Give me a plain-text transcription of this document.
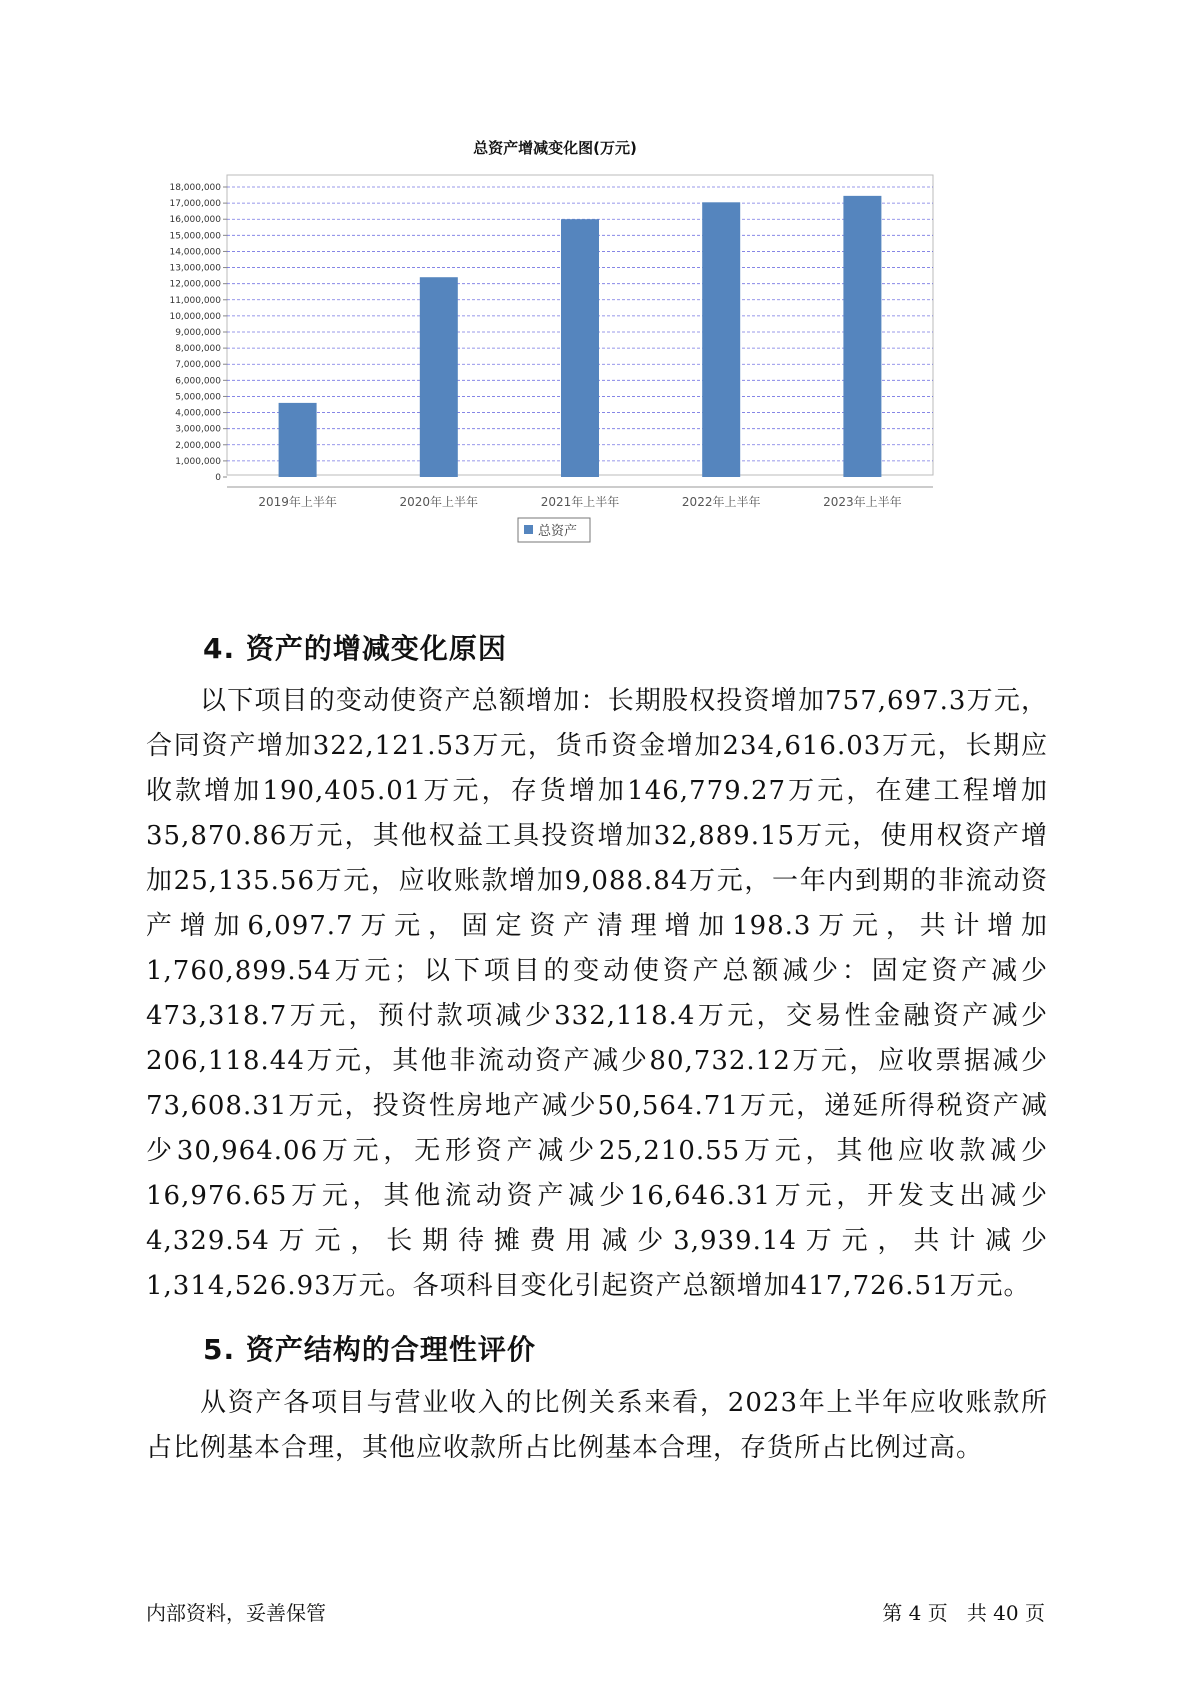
总资产增减变化图(万元)
0
1,000,000
2,000,000
3,000,000
4,000,000
5,000,000
6,000,000
7,000,000
8,000,000
9,000,000
10,000,000
11,000,000
12,000,000
13,000,000
14,000,000
15,000,000
16,000,000
17,000,000
18,000,000
2019年上半年	2020年上半年	2021年上半年	2022年上半年	2023年上半年
总资产
4. 资产的增减变化原因

以下项目的变动使资产总额增加：长期股权投资增加757,697.3万元，合同资产增加322,121.53万元，货币资金增加234,616.03万元，长期应收款增加190,405.01万元，存货增加146,779.27万元，在建工程增加35,870.86万元，其他权益工具投资增加32,889.15万元，使用权资产增加25,135.56万元，应收账款增加9,088.84万元，一年内到期的非流动资产增加6,097.7万元，固定资产清理增加198.3万元，共计增加1,760,899.54万元；以下项目的变动使资产总额减少：固定资产减少473,318.7万元，预付款项减少332,118.4万元，交易性金融资产减少206,118.44万元，其他非流动资产减少80,732.12万元，应收票据减少73,608.31万元，投资性房地产减少50,564.71万元，递延所得税资产减少30,964.06万元，无形资产减少25,210.55万元，其他应收款减少16,976.65万元，其他流动资产减少16,646.31万元，开发支出减少4,329.54万元，长期待摊费用减少3,939.14万元，共计减少1,314,526.93万元。各项科目变化引起资产总额增加417,726.51万元。

5. 资产结构的合理性评价

从资产各项目与营业收入的比例关系来看，2023年上半年应收账款所占比例基本合理，其他应收款所占比例基本合理，存货所占比例过高。

内部资料，妥善保管	第 4 页   共 40 页
